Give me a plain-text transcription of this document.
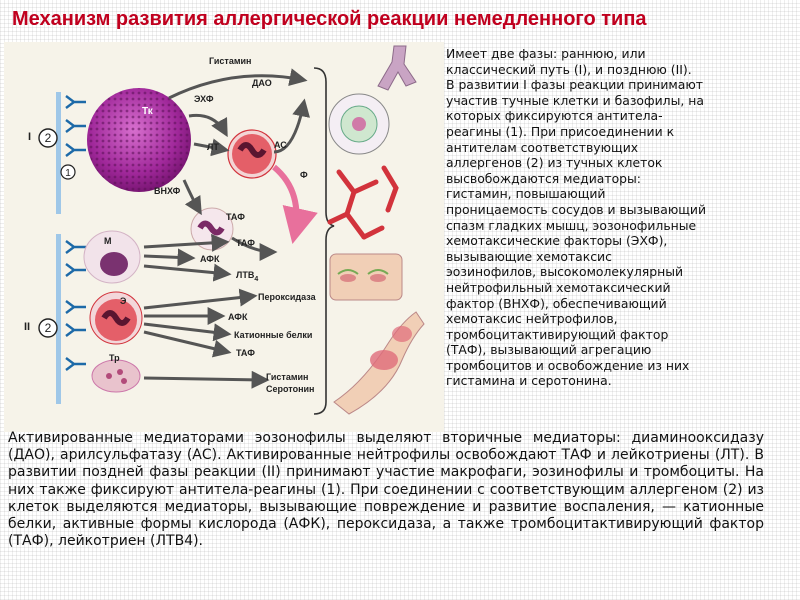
Механизм развития аллергической реакции немедленного типа
I
II
2
2
1
Тк
Гистамин
ЭХФ
ДАО
ЛТ	АС
ВНХФ
ТАФ
Ф
М
Э
Тр
ТАФ
АФК
$ЛТВ_4$
Пероксидаза
АФК
Катионные белки
ТАФ
Гистамин
Серотонин
Имеет две фазы: раннюю, или
классический путь (I), и позднюю (II).
В развитии I фазы реакции принимают
участив тучные клетки и базофилы, на
которых фиксируются антитела-
реагины (1). При присоединении к
антителам соответствующих
аллергенов (2) из тучных клеток
высвобождаются медиаторы:
гистамин, повышающий
проницаемость сосудов и вызывающий
спазм гладких мышц, эозонофильные
хемотаксические факторы (ЭХФ),
вызывающие хемотаксис
эозинофилов, высокомолекулярный
нейтрофильный хемотаксический
фактор (ВНХФ), обеспечивающий
хемотаксис нейтрофилов,
тромбоцитактивирующий фактор
(ТАФ), вызывающий агрегацию
тромбоцитов и освобождение из них
гистамина и серотонина.
Активированные медиаторами эозонофилы выделяют вторичные медиаторы: диаминооксидазу (ДАО), арилсульфатазу (АС). Активированные нейтрофилы освобождают ТАФ и лейкотриены (ЛТ). В развитии поздней фазы реакции (II) принимают участие макрофаги, эозинофилы и тромбоциты. На них также фиксируют антитела-реагины (1). При соединении с соответствующим аллергеном (2) из клеток выделяются медиаторы, вызывающие повреждение и развитие воспаления, — катионные белки, активные формы кислорода (АФК), пероксидаза, а также тромбоцитактивирующий фактор (ТАФ), лейкотриен (ЛТВ4).
